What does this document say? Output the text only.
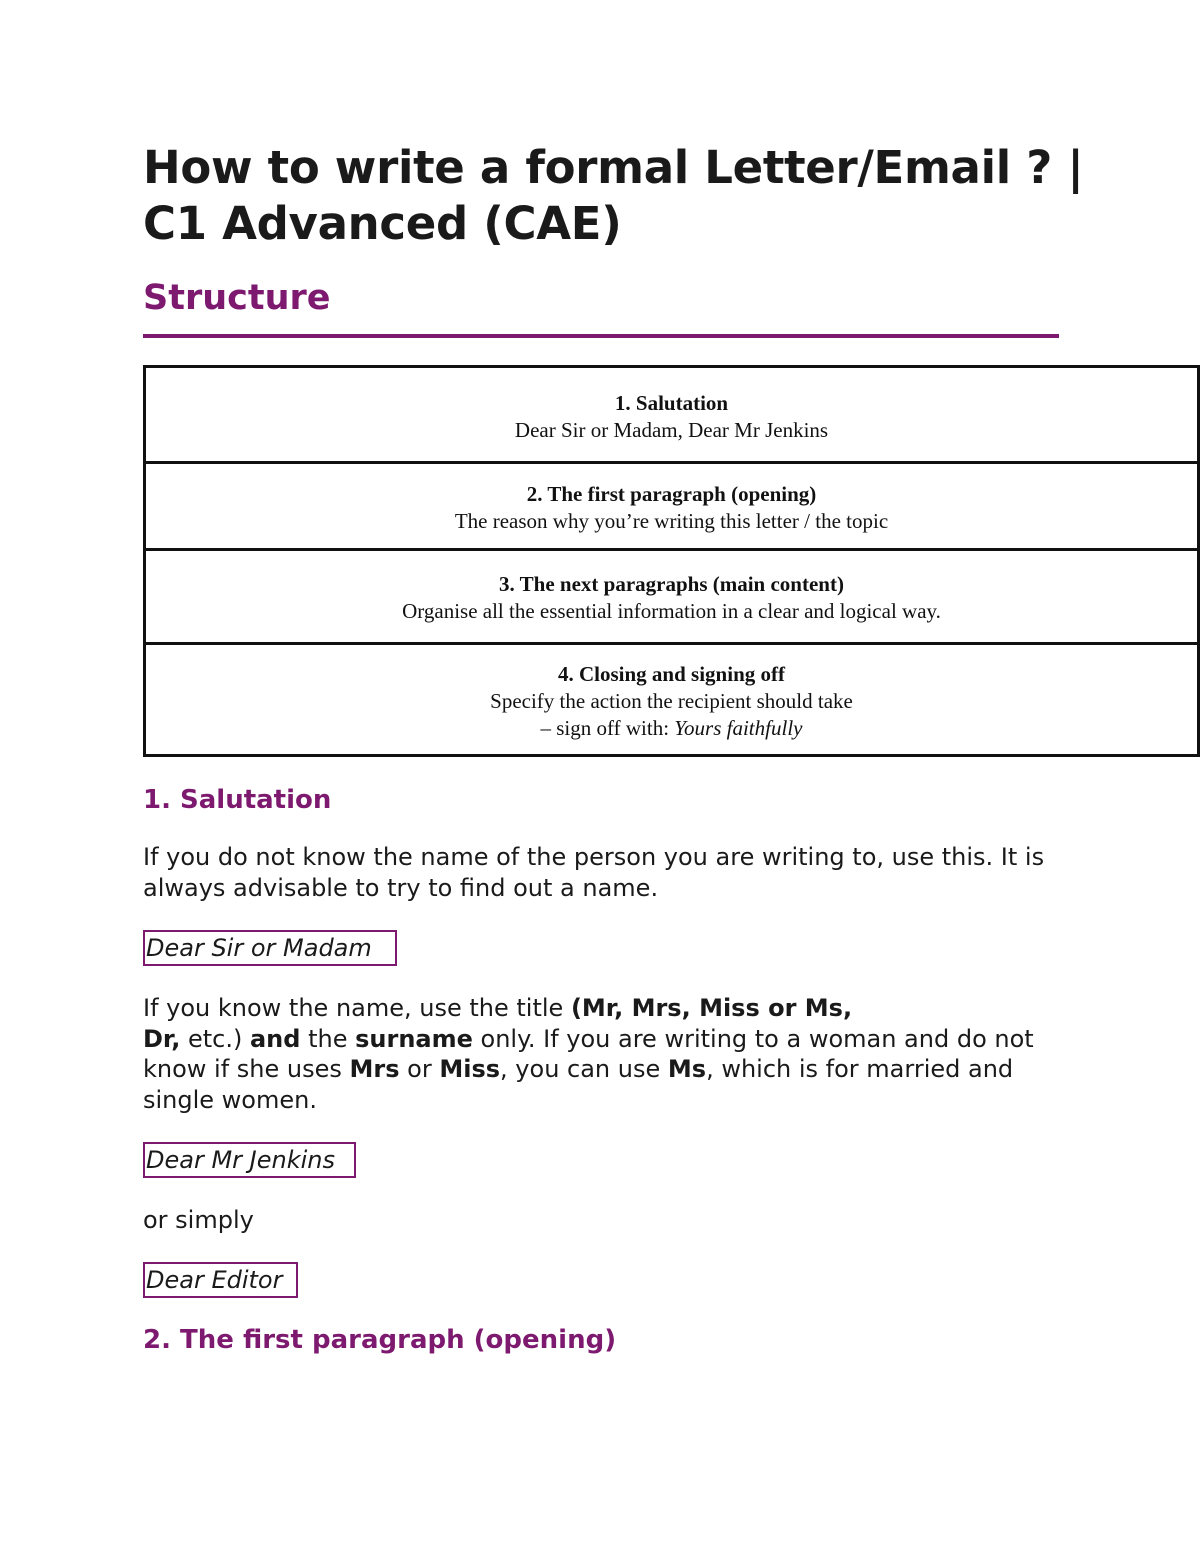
How to write a formal Letter/Email ? |
C1 Advanced (CAE)
Structure
1. Salutation
Dear Sir or Madam, Dear Mr Jenkins
2. The first paragraph (opening)
The reason why you’re writing this letter / the topic
3. The next paragraphs (main content)
Organise all the essential information in a clear and logical way.
4. Closing and signing off
Specify the action the recipient should take
– sign off with: Yours faithfully
1. Salutation

If you do not know the name of the person you are writing to, use this. It is always advisable to try to find out a name.

Dear Sir or Madam

If you know the name, use the title (Mr, Mrs, Miss or Ms,
Dr, etc.) and the surname only. If you are writing to a woman and do not know if she uses Mrs or Miss, you can use Ms, which is for married and single women.

Dear Mr Jenkins

or simply

Dear Editor
2. The first paragraph (opening)
